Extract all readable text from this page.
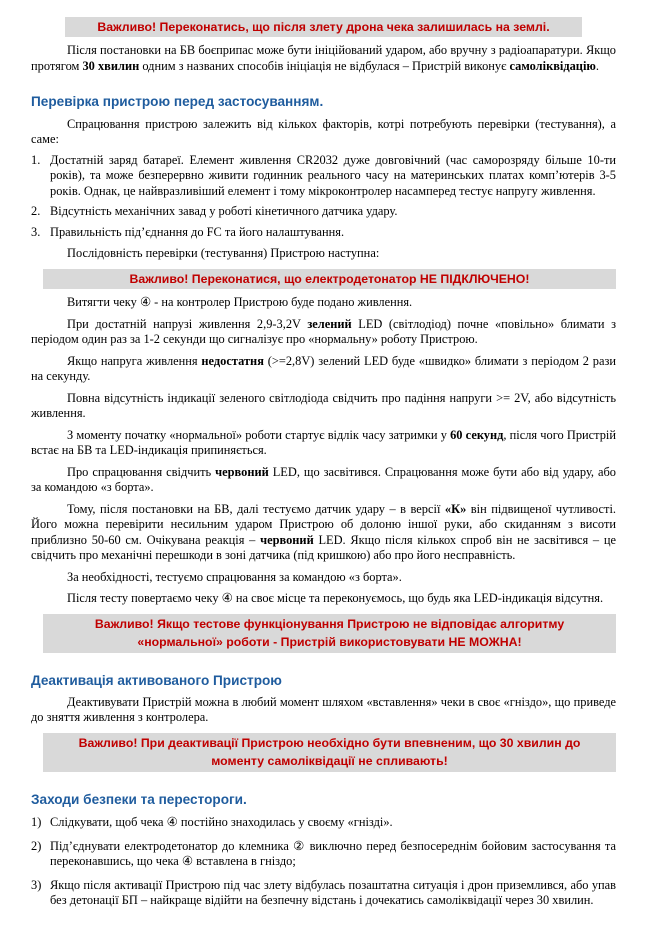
Важливо! Переконатись, що після злету дрона чека залишилась на землі.

Після постановки на БВ боєприпас може бути ініційований ударом, або вручну з радіоапаратури. Якщо протягом 30 хвилин одним з названих способів ініціація не відбулася – Пристрій виконує самоліквідацію.

Перевірка пристрою перед застосуванням.

Спрацювання пристрою залежить від кількох факторів, котрі потребують перевірки (тестування), а саме:

1. Достатній заряд батареї. Елемент живлення CR2032 дуже довговічний (час саморозряду більше 10-ти років), та може безперервно живити годинник реального часу на материнських платах комп’ютерів 3-5 років. Однак, це найвразливіший елемент і тому мікроконтролер насамперед тестує напругу живлення.
2. Відсутність механічних завад у роботі кінетичного датчика удару.
3. Правильність під’єднання до FC та його налаштування.

Послідовність перевірки (тестування) Пристрою наступна:

Важливо! Переконатися, що електродетонатор НЕ ПІДКЛЮЧЕНО!

Витягти чеку ④ - на контролер Пристрою буде подано живлення.

При достатній напрузі живлення 2,9-3,2V зелений LED (світлодіод) почне «повільно» блимати з періодом один раз за 1-2 секунди що сигналізує про «нормальну» роботу Пристрою.

Якщо напруга живлення недостатня (>=2,8V) зелений LED буде «швидко» блимати з періодом 2 рази на секунду.

Повна відсутність індикації зеленого світлодіода свідчить про падіння напруги >= 2V, або відсутність живлення.

З моменту початку «нормальної» роботи стартує відлік часу затримки у 60 секунд, після чого Пристрій встає на БВ та LED-індикація припиняється.

Про спрацювання свідчить червоний LED, що засвітився. Спрацювання може бути або від удару, або за командою «з борта».

Тому, після постановки на БВ, далі тестуємо датчик удару – в версії «К» він підвищеної чутливості. Його можна перевірити несильним ударом Пристрою об долоню іншої руки, або скиданням з висоти приблизно 50-60 см. Очікувана реакція – червоний LED. Якщо після кількох спроб він не засвітився – це свідчить про механічні перешкоди в зоні датчика (під кришкою) або про його несправність.

За необхідності, тестуємо спрацювання за командою «з борта».

Після тесту повертаємо чеку ④ на своє місце та переконуємось, що будь яка LED-індикація відсутня.

Важливо! Якщо тестове функціонування Пристрою не відповідає алгоритму «нормальної» роботи - Пристрій використовувати НЕ МОЖНА!
Деактивація активованого Пристрою

Деактивувати Пристрій можна в любий момент шляхом «вставлення» чеки в своє «гніздо», що приведе до зняття живлення з контролера.

Важливо! При деактивації Пристрою необхідно бути впевненим, що 30 хвилин до моменту самоліквідації не спливають!
Заходи безпеки та перестороги.
1) Слідкувати, щоб чека ④ постійно знаходилась у своєму «гнізді».
2) Під’єднувати електродетонатор до клемника ② виключно перед безпосереднім бойовим застосування та переконавшись, що чека ④ вставлена в гніздо;
3) Якщо після активації Пристрою під час злету відбулась позаштатна ситуація і дрон приземлився, або упав без детонації БП – найкраще відійти на безпечну відстань і дочекатись самоліквідації через 30 хвилин.
